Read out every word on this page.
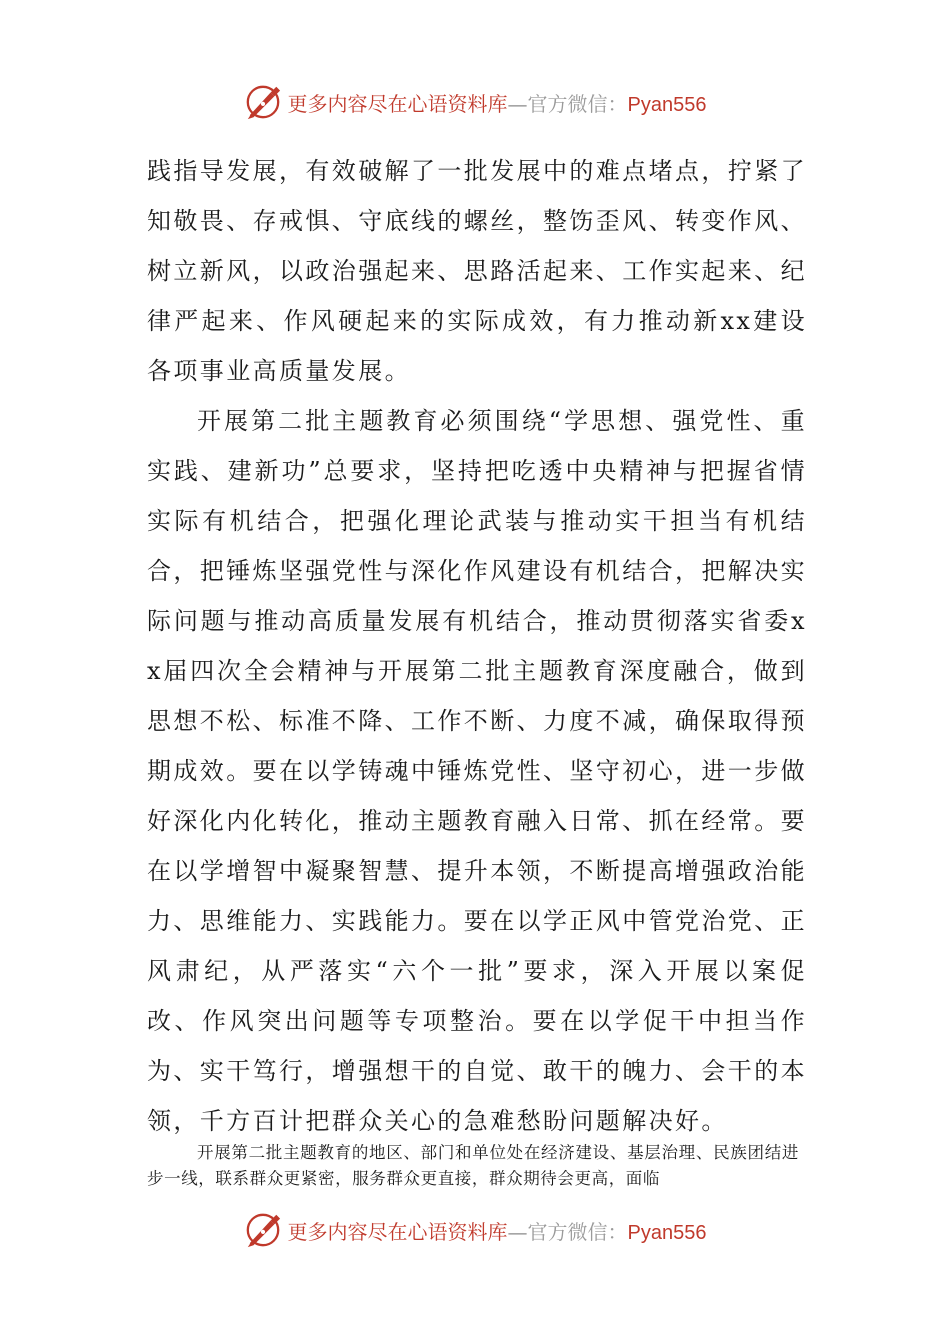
更多内容尽在心语资料库—官方微信：Pyan556

践指导发展，有效破解了一批发展中的难点堵点，拧紧了知敬畏、存戒惧、守底线的螺丝，整饬歪风、转变作风、树立新风，以政治强起来、思路活起来、工作实起来、纪律严起来、作风硬起来的实际成效，有力推动新xx建设各项事业高质量发展。

开展第二批主题教育必须围绕“学思想、强党性、重实践、建新功”总要求，坚持把吃透中央精神与把握省情实际有机结合，把强化理论武装与推动实干担当有机结合，把锤炼坚强党性与深化作风建设有机结合，把解决实际问题与推动高质量发展有机结合，推动贯彻落实省委xx届四次全会精神与开展第二批主题教育深度融合，做到思想不松、标准不降、工作不断、力度不减，确保取得预期成效。要在以学铸魂中锤炼党性、坚守初心，进一步做好深化内化转化，推动主题教育融入日常、抓在经常。要在以学增智中凝聚智慧、提升本领，不断提高增强政治能力、思维能力、实践能力。要在以学正风中管党治党、正风肃纪，从严落实“六个一批”要求，深入开展以案促改、作风突出问题等专项整治。要在以学促干中担当作为、实干笃行，增强想干的自觉、敢干的魄力、会干的本领，千方百计把群众关心的急难愁盼问题解决好。

开展第二批主题教育的地区、部门和单位处在经济建设、基层治理、民族团结进步一线，联系群众更紧密，服务群众更直接，群众期待会更高，面临

更多内容尽在心语资料库—官方微信：Pyan556
